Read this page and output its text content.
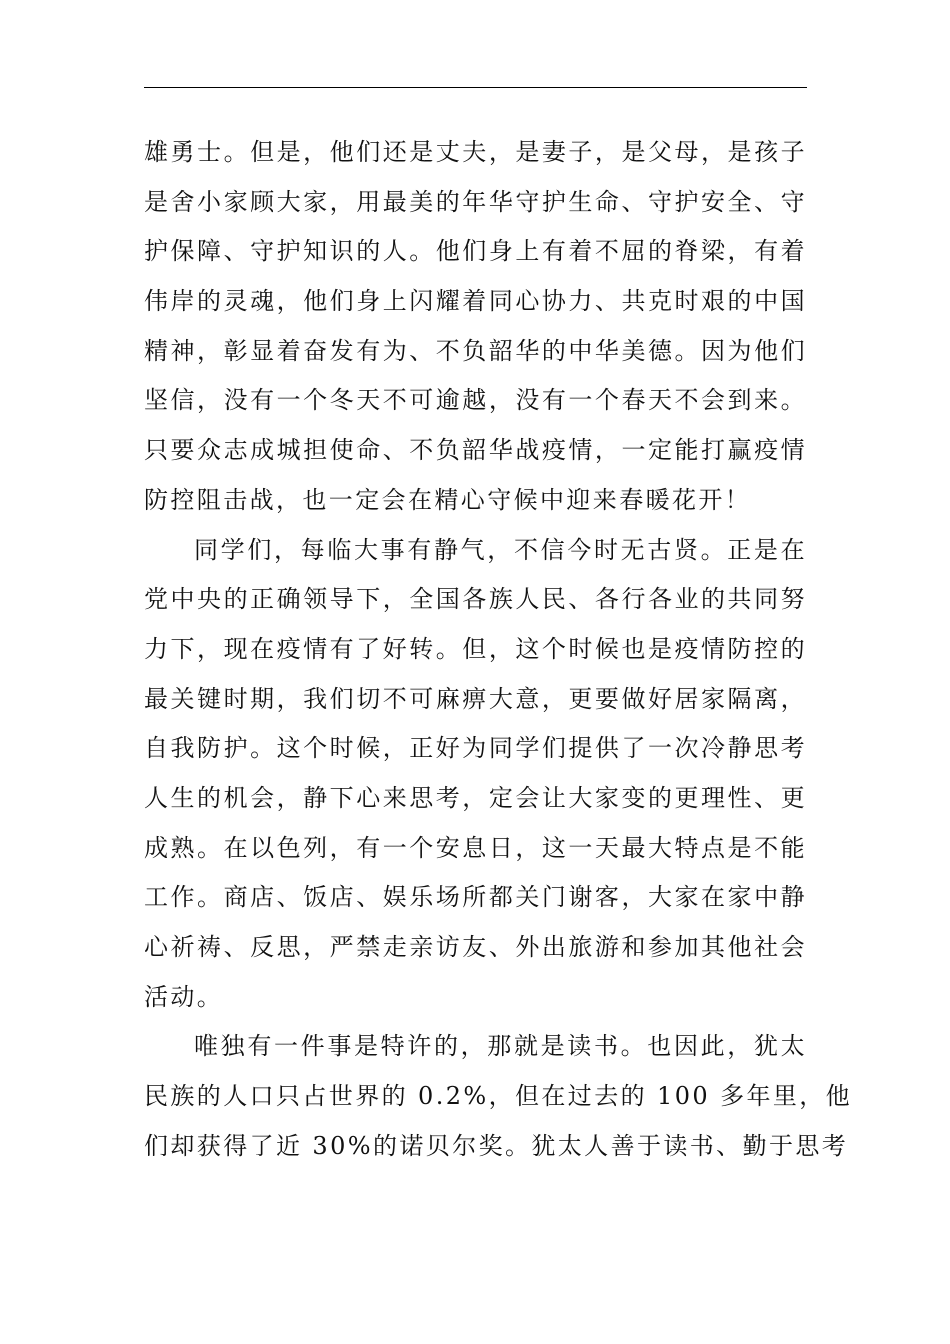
雄勇士。但是，他们还是丈夫，是妻子，是父母，是孩子
是舍小家顾大家，用最美的年华守护生命、守护安全、守
护保障、守护知识的人。他们身上有着不屈的脊梁，有着
伟岸的灵魂，他们身上闪耀着同心协力、共克时艰的中国
精神，彰显着奋发有为、不负韶华的中华美德。因为他们
坚信，没有一个冬天不可逾越，没有一个春天不会到来。
只要众志成城担使命、不负韶华战疫情，一定能打赢疫情
防控阻击战，也一定会在精心守候中迎来春暖花开！
同学们，每临大事有静气，不信今时无古贤。正是在
党中央的正确领导下，全国各族人民、各行各业的共同努
力下，现在疫情有了好转。但，这个时候也是疫情防控的
最关键时期，我们切不可麻痹大意，更要做好居家隔离，
自我防护。这个时候，正好为同学们提供了一次冷静思考
人生的机会，静下心来思考，定会让大家变的更理性、更
成熟。在以色列，有一个安息日，这一天最大特点是不能
工作。商店、饭店、娱乐场所都关门谢客，大家在家中静
心祈祷、反思，严禁走亲访友、外出旅游和参加其他社会
活动。
唯独有一件事是特许的，那就是读书。也因此，犹太
民族的人口只占世界的 0.2%，但在过去的 100 多年里，他
们却获得了近 30%的诺贝尔奖。犹太人善于读书、勤于思考
